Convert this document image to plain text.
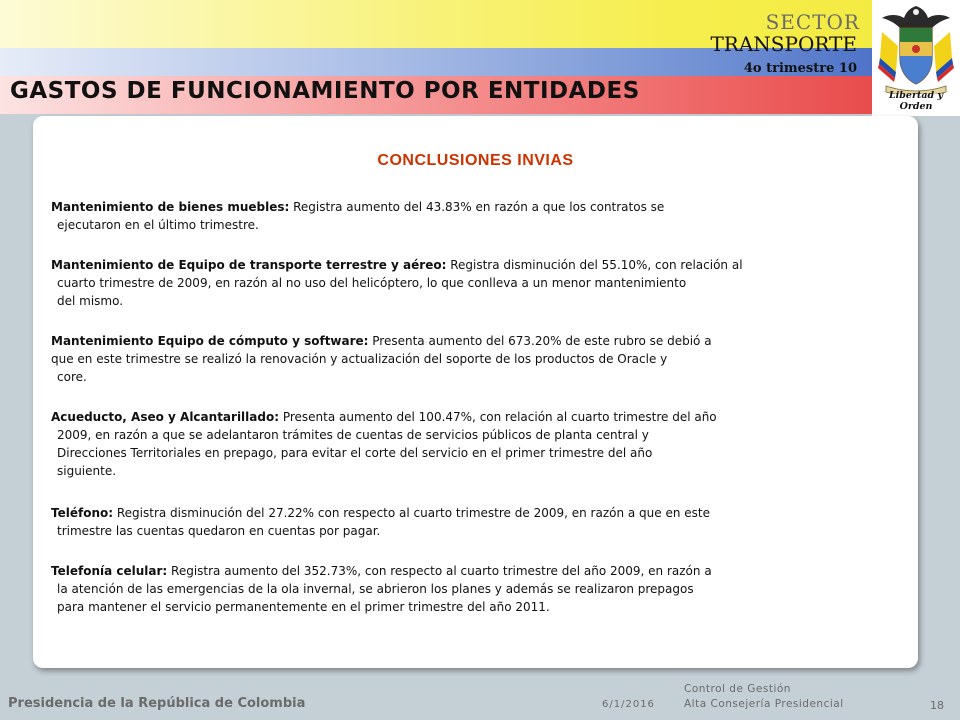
SECTOR
TRANSPORTE
4o trimestre 10
GASTOS DE FUNCIONAMIENTO POR ENTIDADES	Libertad y Orden
CONCLUSIONES INVIAS

Mantenimiento de bienes muebles: Registra aumento del 43.83% en razón a que los contratos se
ejecutaron en el último trimestre.

Mantenimiento de Equipo de transporte terrestre y aéreo: Registra disminución del 55.10%, con relación al
cuarto trimestre de 2009, en razón al no uso del helicóptero, lo que conlleva a un menor mantenimiento
del mismo.

Mantenimiento Equipo de cómputo y software: Presenta aumento del 673.20% de este rubro se debió a
que en este trimestre se realizó la renovación y actualización del soporte de los productos de Oracle y
core.

Acueducto, Aseo y Alcantarillado: Presenta aumento del 100.47%, con relación al cuarto trimestre del año
2009, en razón a que se adelantaron trámites de cuentas de servicios públicos de planta central y
Direcciones Territoriales en prepago, para evitar el corte del servicio en el primer trimestre del año
siguiente.

Teléfono: Registra disminución del 27.22% con respecto al cuarto trimestre de 2009, en razón a que en este
trimestre las cuentas quedaron en cuentas por pagar.

Telefonía celular: Registra aumento del 352.73%, con respecto al cuarto trimestre del año 2009, en razón a
la atención de las emergencias de la ola invernal, se abrieron los planes y además se realizaron prepagos
para mantener el servicio permanentemente en el primer trimestre del año 2011.

Presidencia de la República de Colombia	6/1/2016
Control de Gestión
Alta Consejería Presidencial	18
